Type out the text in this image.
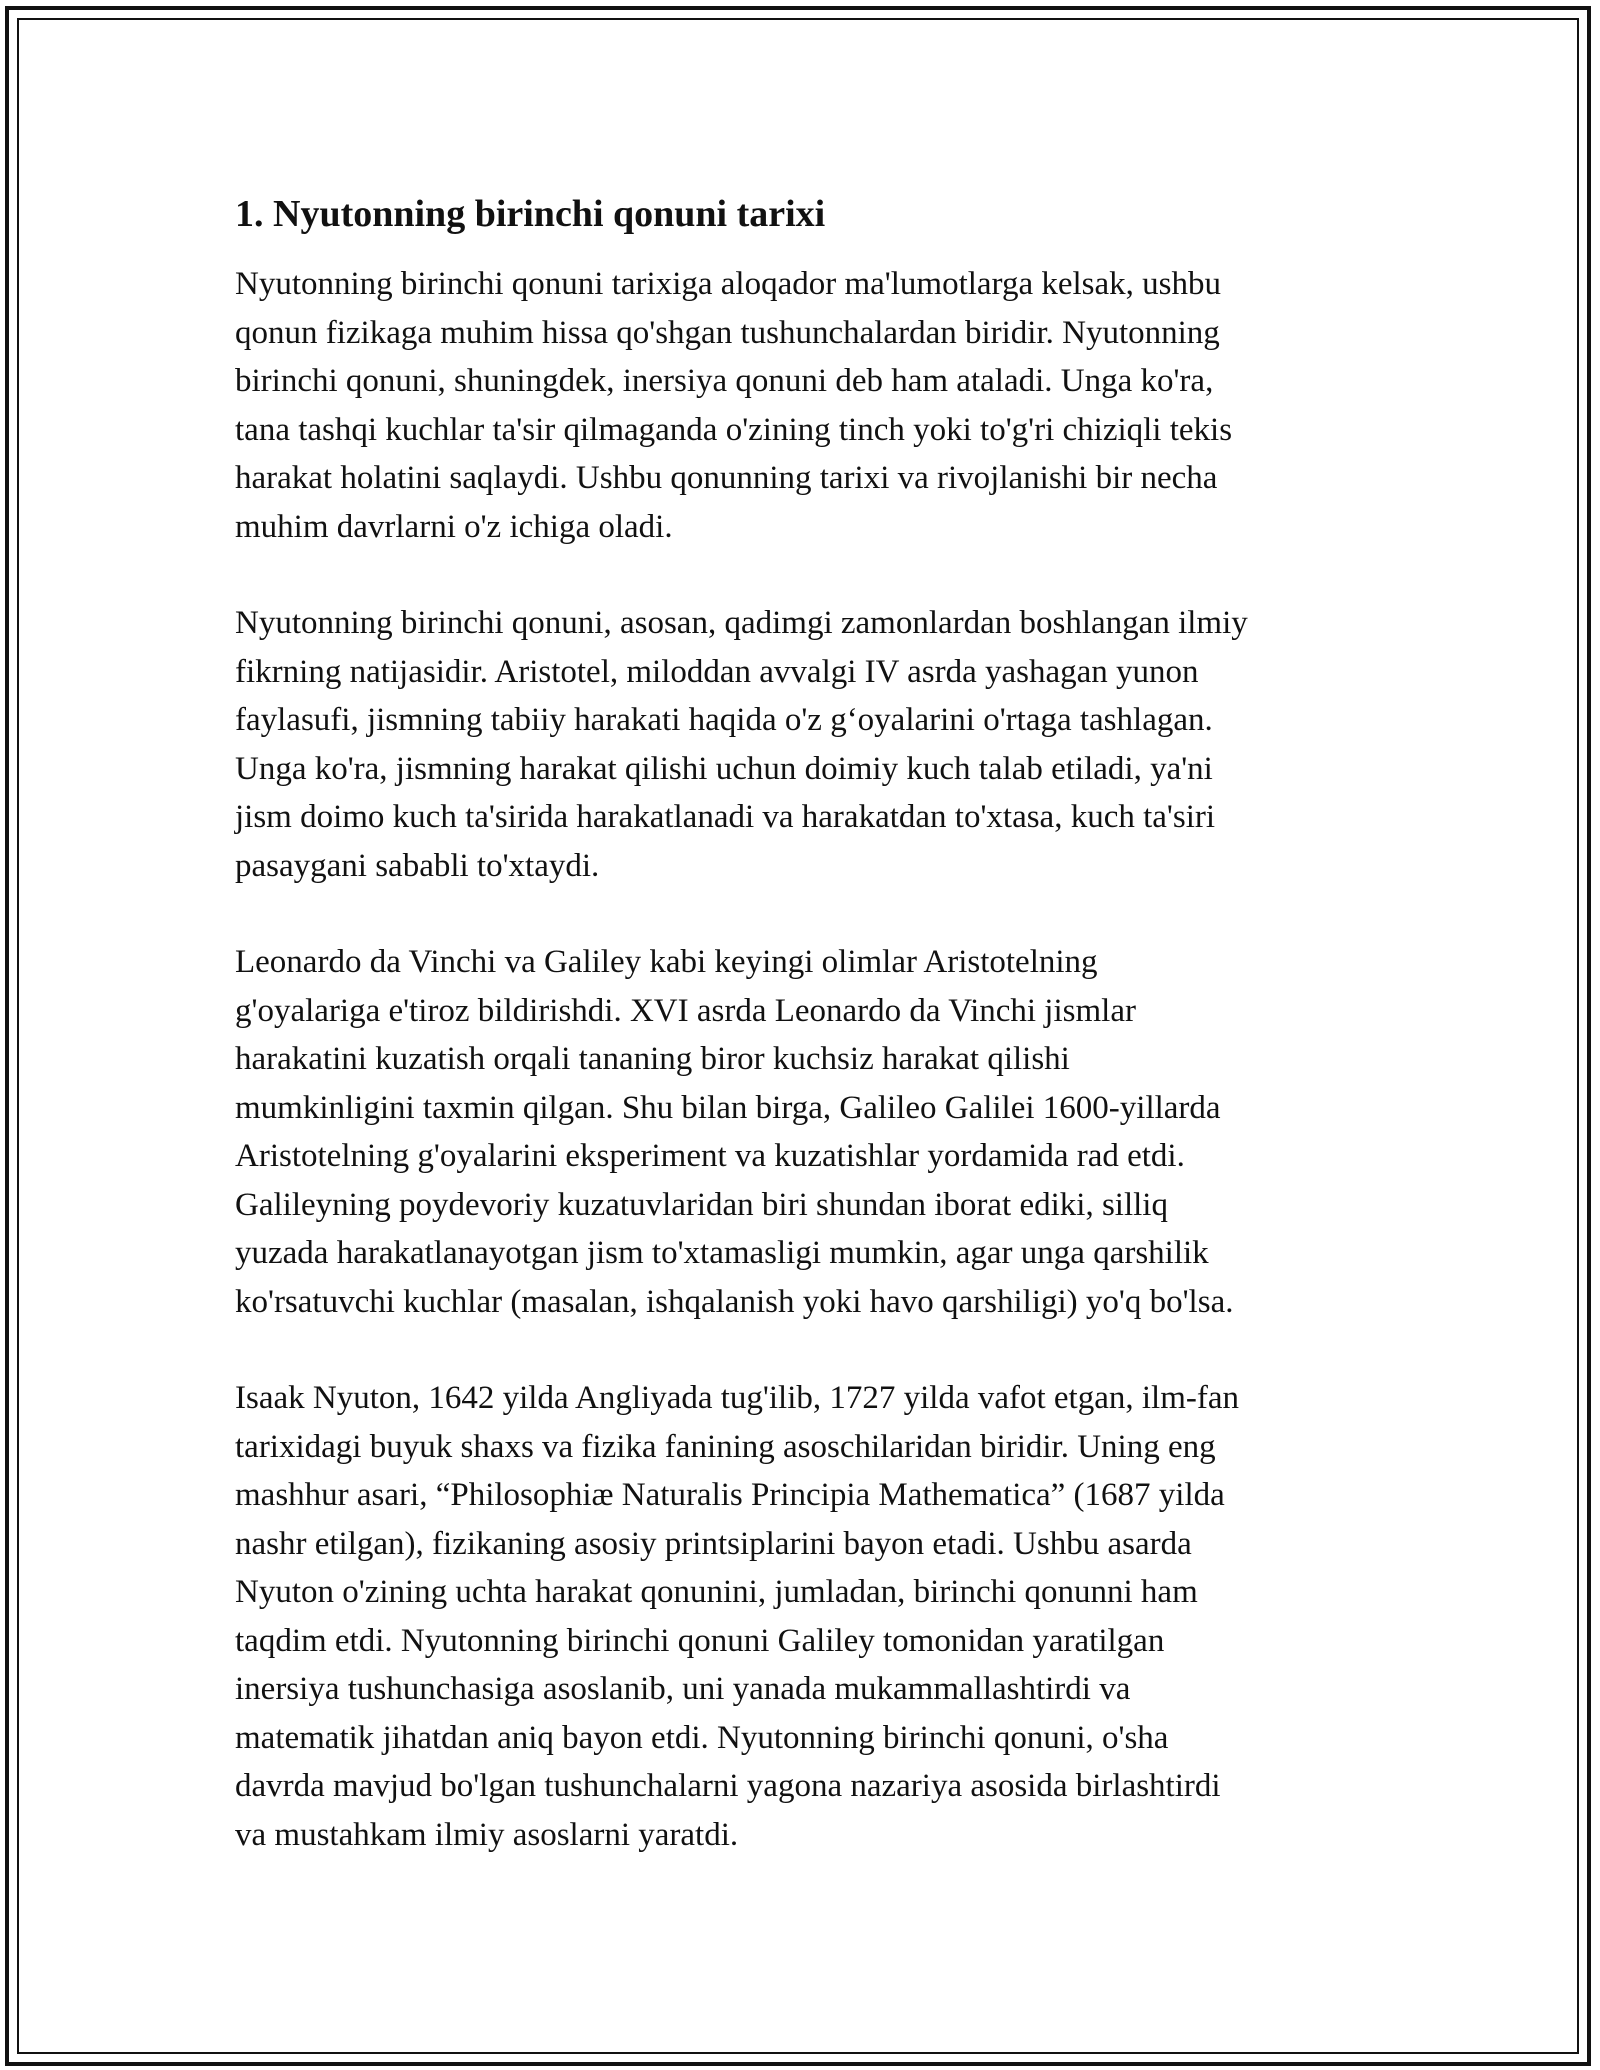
1. Nyutonning birinchi qonuni tarixi

Nyutonning birinchi qonuni tarixiga aloqador ma'lumotlarga kelsak, ushbu
qonun fizikaga muhim hissa qo'shgan tushunchalardan biridir. Nyutonning
birinchi qonuni, shuningdek, inersiya qonuni deb ham ataladi. Unga ko'ra,
tana tashqi kuchlar ta'sir qilmaganda o'zining tinch yoki to'g'ri chiziqli tekis
harakat holatini saqlaydi. Ushbu qonunning tarixi va rivojlanishi bir necha
muhim davrlarni o'z ichiga oladi.

Nyutonning birinchi qonuni, asosan, qadimgi zamonlardan boshlangan ilmiy
fikrning natijasidir. Aristotel, miloddan avvalgi IV asrda yashagan yunon
faylasufi, jismning tabiiy harakati haqida o'z g‘oyalarini o'rtaga tashlagan.
Unga ko'ra, jismning harakat qilishi uchun doimiy kuch talab etiladi, ya'ni
jism doimo kuch ta'sirida harakatlanadi va harakatdan to'xtasa, kuch ta'siri
pasaygani sababli to'xtaydi.

Leonardo da Vinchi va Galiley kabi keyingi olimlar Aristotelning
g'oyalariga e'tiroz bildirishdi. XVI asrda Leonardo da Vinchi jismlar
harakatini kuzatish orqali tananing biror kuchsiz harakat qilishi
mumkinligini taxmin qilgan. Shu bilan birga, Galileo Galilei 1600-yillarda
Aristotelning g'oyalarini eksperiment va kuzatishlar yordamida rad etdi.
Galileyning poydevoriy kuzatuvlaridan biri shundan iborat ediki, silliq
yuzada harakatlanayotgan jism to'xtamasligi mumkin, agar unga qarshilik
ko'rsatuvchi kuchlar (masalan, ishqalanish yoki havo qarshiligi) yo'q bo'lsa.

Isaak Nyuton, 1642 yilda Angliyada tug'ilib, 1727 yilda vafot etgan, ilm-fan
tarixidagi buyuk shaxs va fizika fanining asoschilaridan biridir. Uning eng
mashhur asari, “Philosophiæ Naturalis Principia Mathematica” (1687 yilda
nashr etilgan), fizikaning asosiy printsiplarini bayon etadi. Ushbu asarda
Nyuton o'zining uchta harakat qonunini, jumladan, birinchi qonunni ham
taqdim etdi. Nyutonning birinchi qonuni Galiley tomonidan yaratilgan
inersiya tushunchasiga asoslanib, uni yanada mukammallashtirdi va
matematik jihatdan aniq bayon etdi. Nyutonning birinchi qonuni, o'sha
davrda mavjud bo'lgan tushunchalarni yagona nazariya asosida birlashtirdi
va mustahkam ilmiy asoslarni yaratdi.
